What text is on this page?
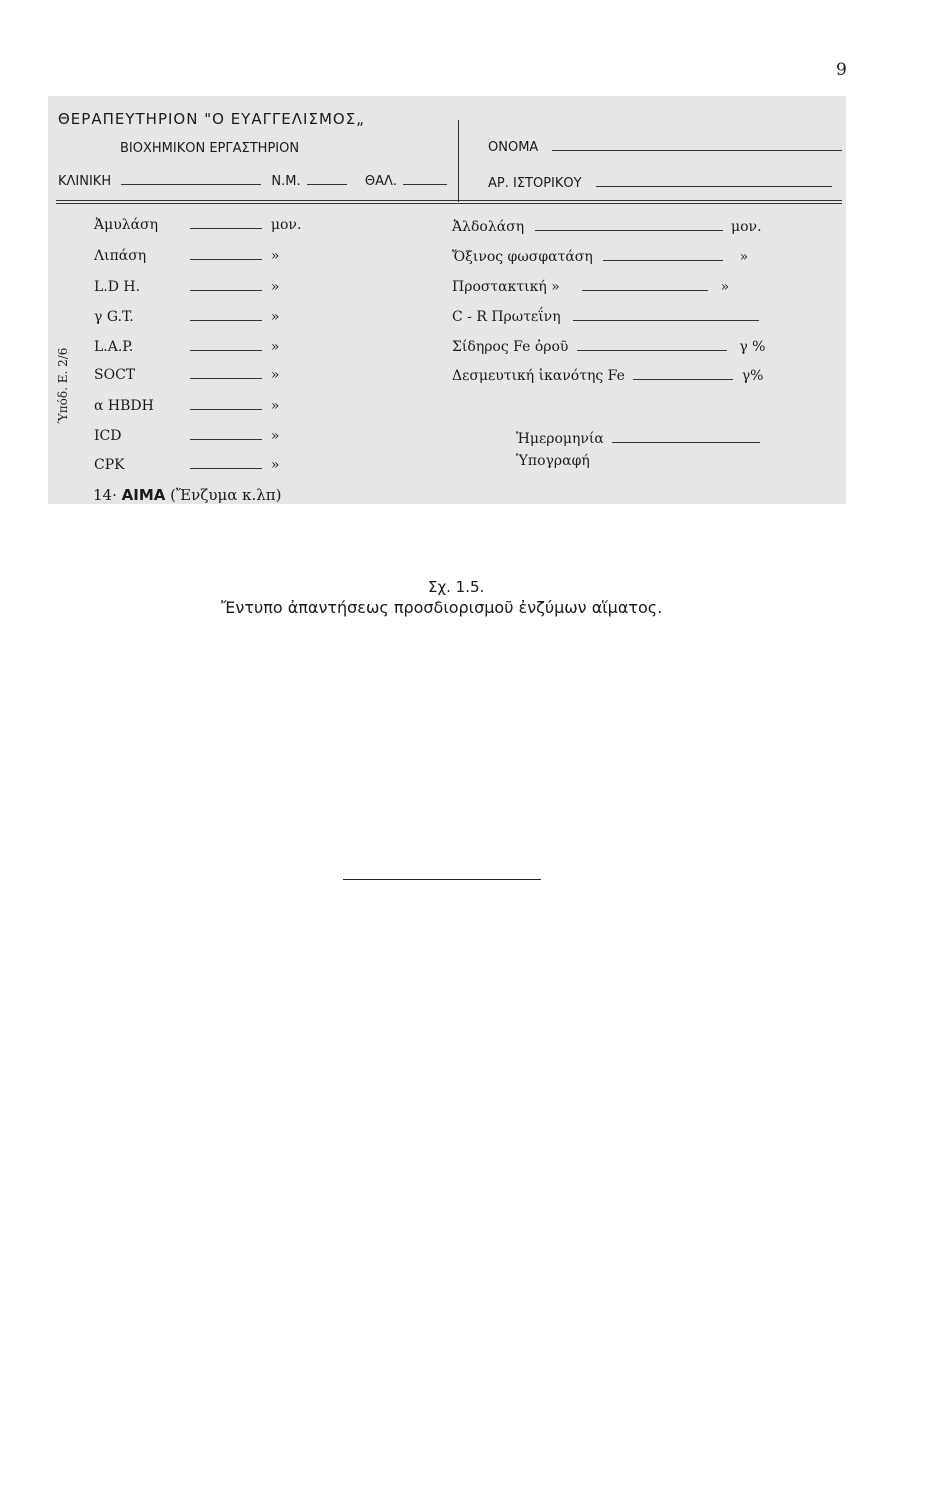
9
ΘΕΡΑΠΕΥΤΗΡΙΟΝ "Ο ΕΥΑΓΓΕΛΙΣΜΟΣ„
ΒΙΟΧΗΜΙΚΟΝ ΕΡΓΑΣΤΗΡΙΟΝ
ΚΛΙΝΙΚΗ	Ν.Μ.	ΘΑΛ.
ΟΝΟΜΑ
ΑΡ. ΙΣΤΟΡΙΚΟΥ
Ύπόδ. Ε. 2/6
Ἀμυλάση	μον.
Λιπάση	»
L.D H.	»
γ G.T.	»
L.A.P.	»
SOCT	»
α HBDH	»
ICD	»
CPK	»
Ἀλδολάση	μον.
Ὄξινος φωσφατάση	»
Προστακτική »	»
C - R Πρωτεΐνη
Σίδηρος Fe ὀροῦ	γ %
Δεσμευτική ἱκανότης Fe	γ%
Ἡμερομηνία
Ὑπογραφή
14· ΑΙΜΑ (Ἔνζυμα κ.λπ)
Σχ. 1.5.
Ἔντυπο ἀπαντήσεως προσδιορισμοῦ ἐνζύμων αἵματος.
